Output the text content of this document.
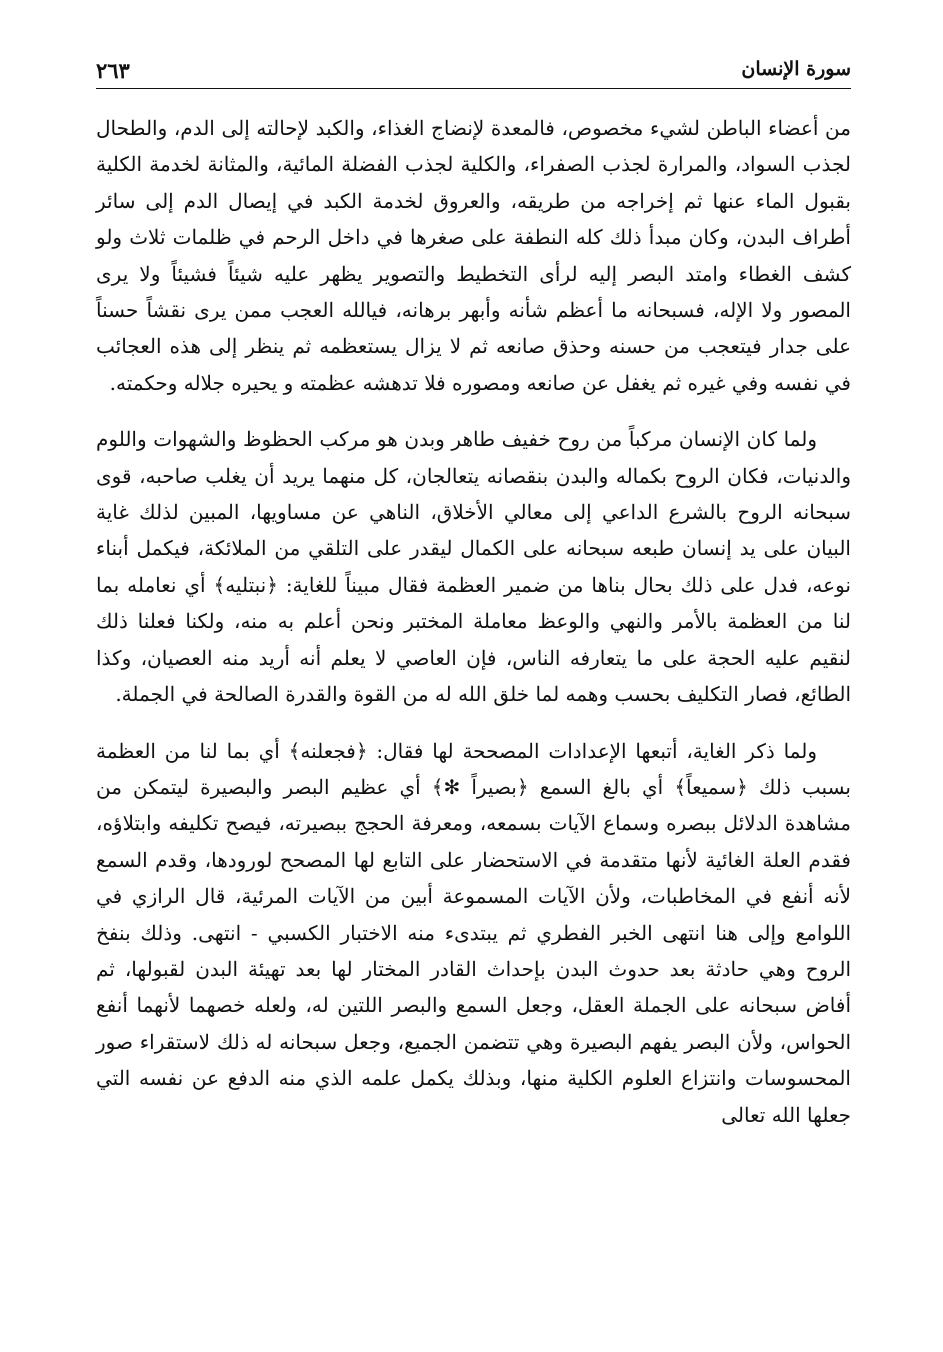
سورة الإنسان
٢٦٣

من أعضاء الباطن لشيء مخصوص، فالمعدة لإنضاج الغذاء، والكبد لإحالته إلى الدم، والطحال لجذب السواد، والمرارة لجذب الصفراء، والكلية لجذب الفضلة المائية، والمثانة لخدمة الكلية بقبول الماء عنها ثم إخراجه من طريقه، والعروق لخدمة الكبد في إيصال الدم إلى سائر أطراف البدن، وكان مبدأ ذلك كله النطفة على صغرها في داخل الرحم في ظلمات ثلاث ولو كشف الغطاء وامتد البصر إليه لرأى التخطيط والتصوير يظهر عليه شيئاً فشيئاً ولا يرى المصور ولا الإله، فسبحانه ما أعظم شأنه وأبهر برهانه، فيالله العجب ممن يرى نقشاً حسناً على جدار فيتعجب من حسنه وحذق صانعه ثم لا يزال يستعظمه ثم ينظر إلى هذه العجائب في نفسه وفي غيره ثم يغفل عن صانعه ومصوره فلا تدهشه عظمته و يحيره جلاله وحكمته.

ولما كان الإنسان مركباً من روح خفيف طاهر وبدن هو مركب الحظوظ والشهوات واللوم والدنيات، فكان الروح بكماله والبدن بنقصانه يتعالجان، كل منهما يريد أن يغلب صاحبه، قوى سبحانه الروح بالشرع الداعي إلى معالي الأخلاق، الناهي عن مساويها، المبين لذلك غاية البيان على يد إنسان طبعه سبحانه على الكمال ليقدر على التلقي من الملائكة، فيكمل أبناء نوعه، فدل على ذلك بحال بناها من ضمير العظمة فقال مبيناً للغاية: ﴿نبتليه﴾ أي نعامله بما لنا من العظمة بالأمر والنهي والوعظ معاملة المختبر ونحن أعلم به منه، ولكنا فعلنا ذلك لنقيم عليه الحجة على ما يتعارفه الناس، فإن العاصي لا يعلم أنه أريد منه العصيان، وكذا الطائع، فصار التكليف بحسب وهمه لما خلق الله له من القوة والقدرة الصالحة في الجملة.

ولما ذكر الغاية، أتبعها الإعدادات المصححة لها فقال: ﴿فجعلنه﴾ أي بما لنا من العظمة بسبب ذلك ﴿سميعاً﴾ أي بالغ السمع ﴿بصيراً ✻﴾ أي عظيم البصر والبصيرة ليتمكن من مشاهدة الدلائل ببصره وسماع الآيات بسمعه، ومعرفة الحجج ببصيرته، فيصح تكليفه وابتلاؤه، فقدم العلة الغائية لأنها متقدمة في الاستحضار على التابع لها المصحح لورودها، وقدم السمع لأنه أنفع في المخاطبات، ولأن الآيات المسموعة أبين من الآيات المرئية، قال الرازي في اللوامع وإلى هنا انتهى الخبر الفطري ثم يبتدىء منه الاختبار الكسبي - انتهى. وذلك بنفخ الروح وهي حادثة بعد حدوث البدن بإحداث القادر المختار لها بعد تهيئة البدن لقبولها، ثم أفاض سبحانه على الجملة العقل، وجعل السمع والبصر اللتين له، ولعله خصهما لأنهما أنفع الحواس، ولأن البصر يفهم البصيرة وهي تتضمن الجميع، وجعل سبحانه له ذلك لاستقراء صور المحسوسات وانتزاع العلوم الكلية منها، وبذلك يكمل علمه الذي منه الدفع عن نفسه التي جعلها الله تعالى
